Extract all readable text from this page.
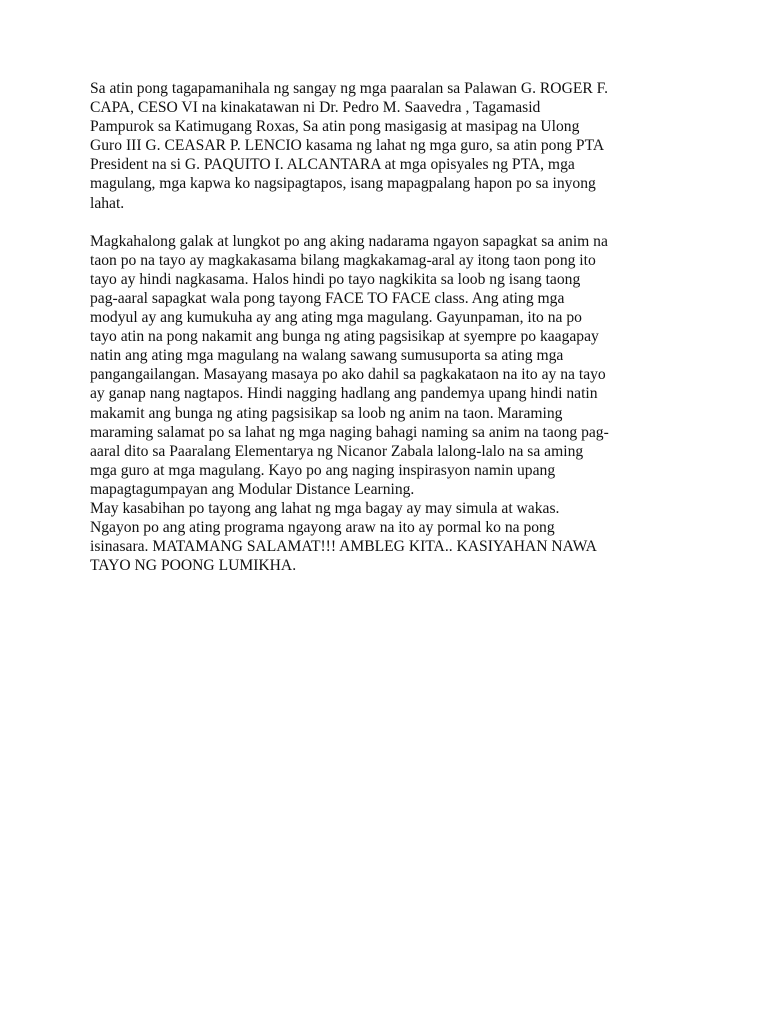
Sa atin pong tagapamanihala ng sangay ng mga paaralan sa Palawan G. ROGER F.
CAPA, CESO VI na kinakatawan ni Dr. Pedro M. Saavedra , Tagamasid
Pampurok sa Katimugang Roxas, Sa atin pong masigasig at masipag na Ulong
Guro III G. CEASAR P. LENCIO kasama ng lahat ng mga guro, sa atin pong PTA
President na si G. PAQUITO I. ALCANTARA at mga opisyales ng PTA, mga
magulang, mga kapwa ko nagsipagtapos, isang mapagpalang hapon po sa inyong
lahat.
Magkahalong galak at lungkot po ang aking nadarama ngayon sapagkat sa anim na
taon po na tayo ay magkakasama bilang magkakamag-aral ay itong taon pong ito
tayo ay hindi nagkasama. Halos hindi po tayo nagkikita sa loob ng isang taong
pag-aaral sapagkat wala pong tayong FACE TO FACE class. Ang ating mga
modyul ay ang kumukuha ay ang ating mga magulang. Gayunpaman, ito na po
tayo atin na pong nakamit ang bunga ng ating pagsisikap at syempre po kaagapay
natin ang ating mga magulang na walang sawang sumusuporta sa ating mga
pangangailangan. Masayang masaya po ako dahil sa pagkakataon na ito ay na tayo
ay ganap nang nagtapos. Hindi nagging hadlang ang pandemya upang hindi natin
makamit ang bunga ng ating pagsisikap sa loob ng anim na taon. Maraming
maraming salamat po sa lahat ng mga naging bahagi naming sa anim na taong pag-
aaral dito sa Paaralang Elementarya ng Nicanor Zabala lalong-lalo na sa aming
mga guro at mga magulang. Kayo po ang naging inspirasyon namin upang
mapagtagumpayan ang Modular Distance Learning.
May kasabihan po tayong ang lahat ng mga bagay ay may simula at wakas.
Ngayon po ang ating programa ngayong araw na ito ay pormal ko na pong
isinasara. MATAMANG SALAMAT!!! AMBLEG KITA.. KASIYAHAN NAWA
TAYO NG POONG LUMIKHA.
